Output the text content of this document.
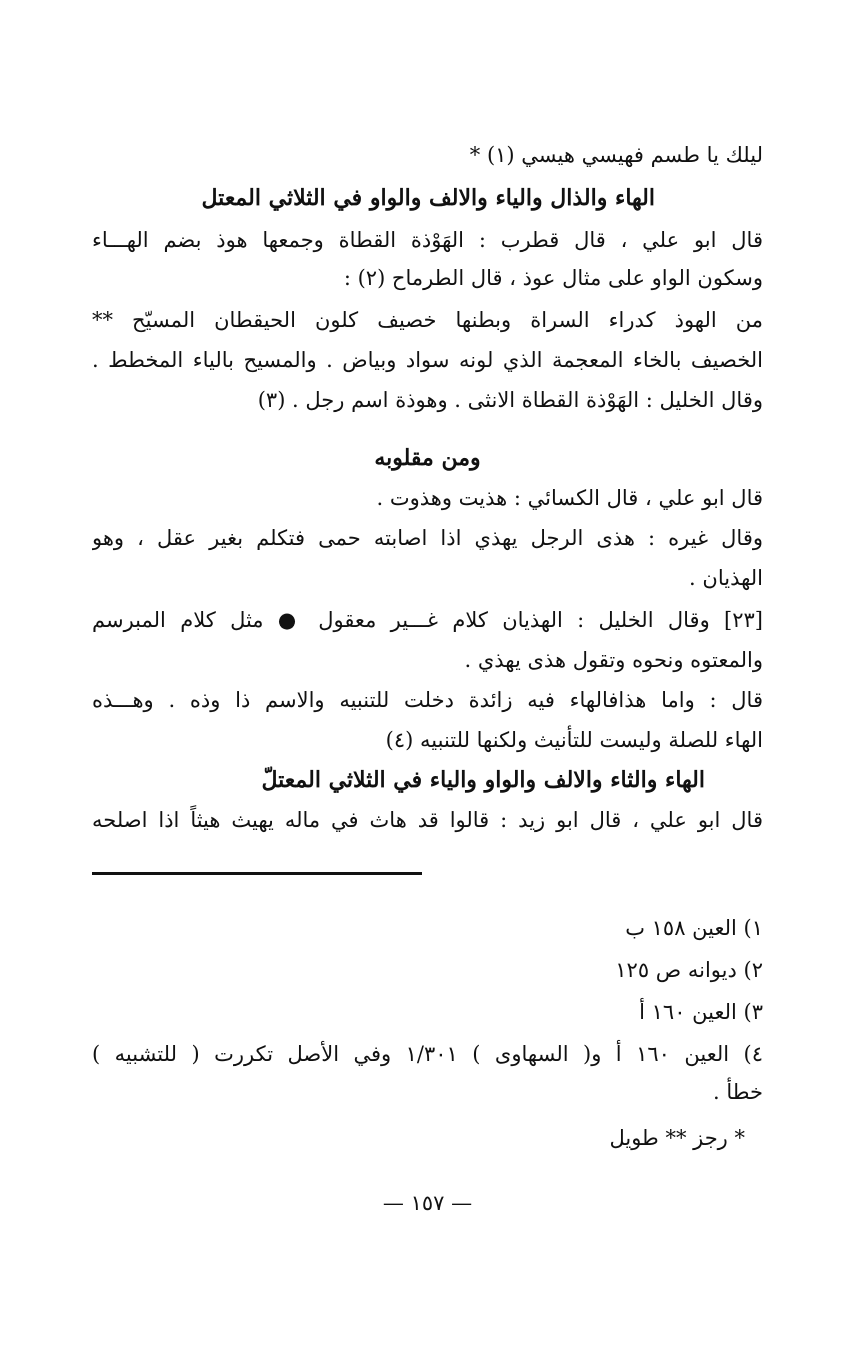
ليلك يا طسم فهيسي هيسي (١) *
الهاء والذال والياء والالف والواو في الثلاثي المعتل
قال ابو علي ، قال قطرب : الهَوْذة القطاة وجمعها هوذ بضم الهـــاء
وسكون الواو على مثال عوذ ، قال الطرماح (٢) :
من الهوذ كدراء السراة وبطنها خصيف كلون الحيقطان المسيّح **
الخصيف بالخاء المعجمة الذي لونه سواد وبياض . والمسيح بالياء المخطط .
وقال الخليل : الهَوْذة القطاة الانثى . وهوذة اسم رجل . (٣)
ومن مقلوبه
قال ابو علي ، قال الكسائي : هذيت وهذوت .
وقال غيره : هذى الرجل يهذي اذا اصابته حمى فتكلم بغير عقل ، وهو
الهذيان .
[٢٣] وقال الخليل : الهذيان كلام غـــير معقول ● مثل كلام المبرسم
والمعتوه ونحوه وتقول هذى يهذي .
قال : واما هذافالهاء فيه زائدة دخلت للتنبيه والاسم ذا وذه . وهـــذه
الهاء للصلة وليست للتأنيث ولكنها للتنبيه (٤)
الهاء والثاء والالف والواو والياء في الثلاثي المعتلّ
قال ابو علي ، قال ابو زيد : قالوا قد هاث في ماله يهيث هيثاً اذا اصلحه
١) العين ١٥٨ ب
٢) ديوانه ص ١٢٥
٣) العين ١٦٠ أ
٤) العين ١٦٠ أ و( السهاوى ) ١/٣٠١ وفي الأصل تكررت ( للتشبيه )
خطأ .
* رجز ** طويل
— ١٥٧ —
